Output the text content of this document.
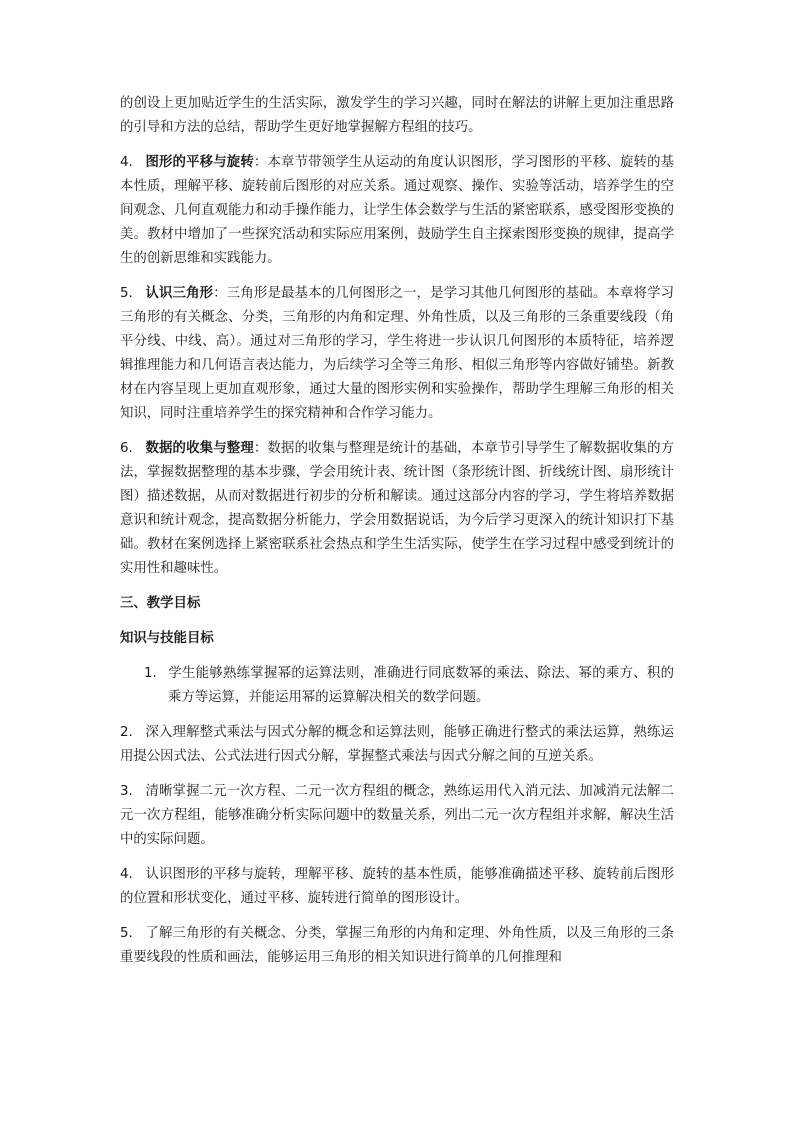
的创设上更加贴近学生的生活实际，激发学生的学习兴趣，同时在解法的讲解上更加注重思路的引导和方法的总结，帮助学生更好地掌握解方程组的技巧。

4. 图形的平移与旋转：本章节带领学生从运动的角度认识图形，学习图形的平移、旋转的基本性质，理解平移、旋转前后图形的对应关系。通过观察、操作、实验等活动，培养学生的空间观念、几何直观能力和动手操作能力，让学生体会数学与生活的紧密联系，感受图形变换的美。教材中增加了一些探究活动和实际应用案例，鼓励学生自主探索图形变换的规律，提高学生的创新思维和实践能力。

5. 认识三角形：三角形是最基本的几何图形之一，是学习其他几何图形的基础。本章将学习三角形的有关概念、分类，三角形的内角和定理、外角性质，以及三角形的三条重要线段（角平分线、中线、高）。通过对三角形的学习，学生将进一步认识几何图形的本质特征，培养逻辑推理能力和几何语言表达能力，为后续学习全等三角形、相似三角形等内容做好铺垫。新教材在内容呈现上更加直观形象，通过大量的图形实例和实验操作，帮助学生理解三角形的相关知识，同时注重培养学生的探究精神和合作学习能力。

6. 数据的收集与整理：数据的收集与整理是统计的基础，本章节引导学生了解数据收集的方法，掌握数据整理的基本步骤，学会用统计表、统计图（条形统计图、折线统计图、扇形统计图）描述数据，从而对数据进行初步的分析和解读。通过这部分内容的学习，学生将培养数据意识和统计观念，提高数据分析能力，学会用数据说话，为今后学习更深入的统计知识打下基础。教材在案例选择上紧密联系社会热点和学生生活实际，使学生在学习过程中感受到统计的实用性和趣味性。

三、教学目标

知识与技能目标

1. 学生能够熟练掌握幂的运算法则，准确进行同底数幂的乘法、除法、幂的乘方、积的乘方等运算，并能运用幂的运算解决相关的数学问题。

2. 深入理解整式乘法与因式分解的概念和运算法则，能够正确进行整式的乘法运算，熟练运用提公因式法、公式法进行因式分解，掌握整式乘法与因式分解之间的互逆关系。

3. 清晰掌握二元一次方程、二元一次方程组的概念，熟练运用代入消元法、加减消元法解二元一次方程组，能够准确分析实际问题中的数量关系，列出二元一次方程组并求解，解决生活中的实际问题。

4. 认识图形的平移与旋转，理解平移、旋转的基本性质，能够准确描述平移、旋转前后图形的位置和形状变化，通过平移、旋转进行简单的图形设计。

5. 了解三角形的有关概念、分类，掌握三角形的内角和定理、外角性质，以及三角形的三条重要线段的性质和画法，能够运用三角形的相关知识进行简单的几何推理和
